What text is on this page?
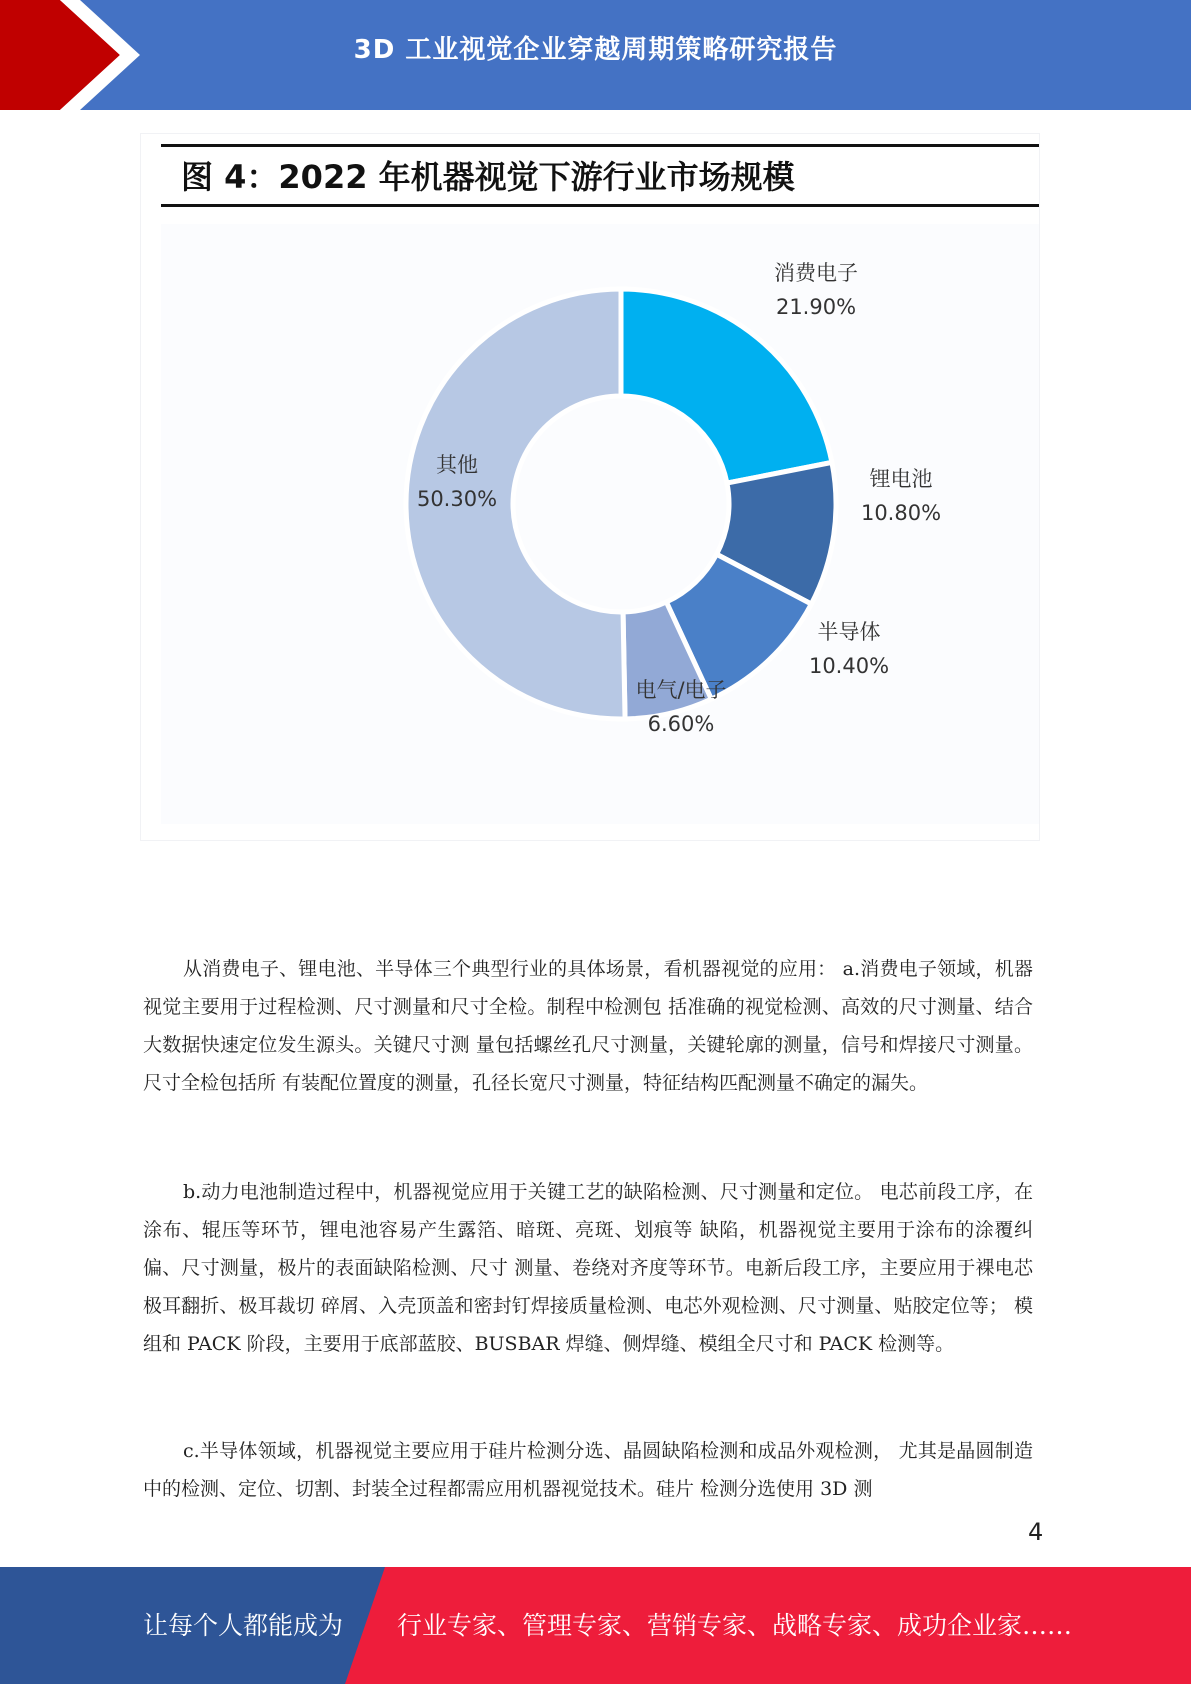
3D 工业视觉企业穿越周期策略研究报告
图 4：2022 年机器视觉下游行业市场规模
消费电子
21.90%
锂电池
10.80%
半导体
10.40%
电气/电子
6.60%
其他
50.30%
从消费电子、锂电池、半导体三个典型行业的具体场景，看机器视觉的应用： a.消费电子领域，机器视觉主要用于过程检测、尺寸测量和尺寸全检。制程中检测包 括准确的视觉检测、高效的尺寸测量、结合大数据快速定位发生源头。关键尺寸测 量包括螺丝孔尺寸测量，关键轮廓的测量，信号和焊接尺寸测量。尺寸全检包括所 有装配位置度的测量，孔径长宽尺寸测量，特征结构匹配测量不确定的漏失。
b.动力电池制造过程中，机器视觉应用于关键工艺的缺陷检测、尺寸测量和定位。 电芯前段工序，在涂布、辊压等环节，锂电池容易产生露箔、暗斑、亮斑、划痕等 缺陷，机器视觉主要用于涂布的涂覆纠偏、尺寸测量，极片的表面缺陷检测、尺寸 测量、卷绕对齐度等环节。电新后段工序，主要应用于裸电芯极耳翻折、极耳裁切 碎屑、入壳顶盖和密封钉焊接质量检测、电芯外观检测、尺寸测量、贴胶定位等； 模组和 PACK 阶段，主要用于底部蓝胶、BUSBAR 焊缝、侧焊缝、模组全尺寸和 PACK 检测等。
c.半导体领域，机器视觉主要应用于硅片检测分选、晶圆缺陷检测和成品外观检测， 尤其是晶圆制造中的检测、定位、切割、封装全过程都需应用机器视觉技术。硅片 检测分选使用 3D 测
4
让每个人都能成为 行业专家、管理专家、营销专家、战略专家、成功企业家……
